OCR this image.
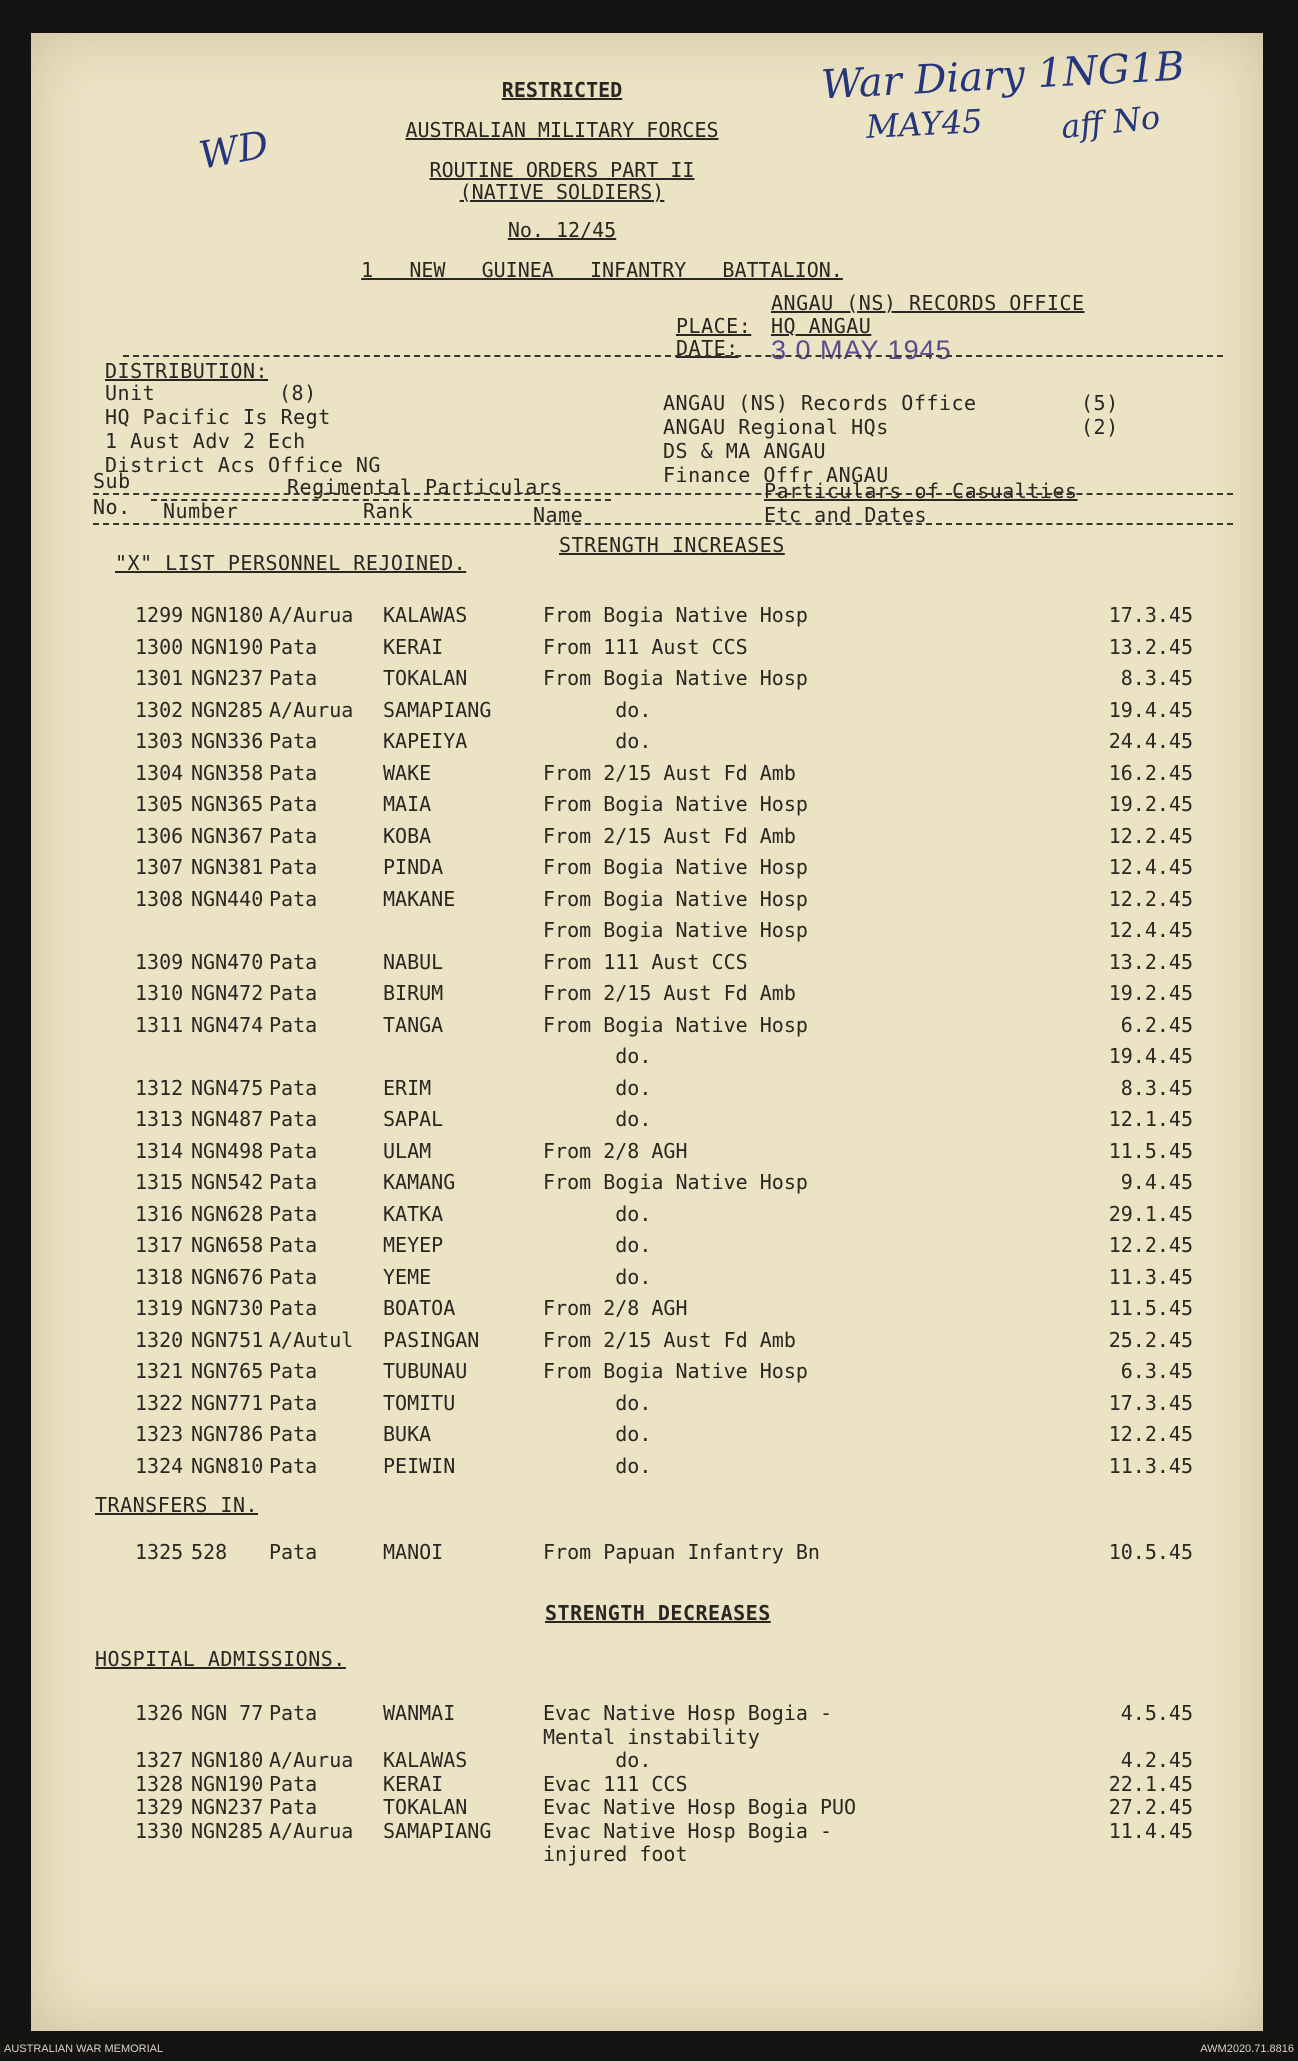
War Diary 1NG1B
MAY45 aff No
WD
RESTRICTED
AUSTRALIAN MILITARY FORCES
ROUTINE ORDERS PART II
(NATIVE SOLDIERS)
No. 12/45
1   NEW   GUINEA   INFANTRY   BATTALION.
ANGAU (NS) RECORDS OFFICE
PLACE: HQ ANGAU
DATE: 3 0 MAY 1945
DISTRIBUTION:
Unit	(8)
HQ Pacific Is Regt
1 Aust Adv 2 Ech
District Acs Office NG
ANGAU (NS) Records Office	(5)
ANGAU Regional HQs	(2)
DS & MA ANGAU
Finance Offr ANGAU
Sub
No.
Regimental Particulars
Number	Rank	Name
Particulars of Casualties
Etc and Dates
STRENGTH INCREASES
"X" LIST PERSONNEL REJOINED.
1299 NGN180 A/Aurua KALAWAS	From Bogia Native Hosp	17.3.45
1300 NGN190 Pata	KERAI	From 111 Aust CCS	13.2.45
1301 NGN237 Pata	TOKALAN	From Bogia Native Hosp	8.3.45
1302 NGN285 A/Aurua SAMAPIANG	do.	19.4.45
1303 NGN336 Pata	KAPEIYA	do.	24.4.45
1304 NGN358 Pata	WAKE	From 2/15 Aust Fd Amb	16.2.45
1305 NGN365 Pata	MAIA	From Bogia Native Hosp	19.2.45
1306 NGN367 Pata	KOBA	From 2/15 Aust Fd Amb	12.2.45
1307 NGN381 Pata	PINDA	From Bogia Native Hosp	12.4.45
1308 NGN440 Pata	MAKANE	From Bogia Native Hosp	12.2.45
From Bogia Native Hosp	12.4.45
1309 NGN470 Pata	NABUL	From 111 Aust CCS	13.2.45
1310 NGN472 Pata	BIRUM	From 2/15 Aust Fd Amb	19.2.45
1311 NGN474 Pata	TANGA	From Bogia Native Hosp	6.2.45
do.	19.4.45
1312 NGN475 Pata	ERIM	do.	8.3.45
1313 NGN487 Pata	SAPAL	do.	12.1.45
1314 NGN498 Pata	ULAM	From 2/8 AGH	11.5.45
1315 NGN542 Pata	KAMANG	From Bogia Native Hosp	9.4.45
1316 NGN628 Pata	KATKA	do.	29.1.45
1317 NGN658 Pata	MEYEP	do.	12.2.45
1318 NGN676 Pata	YEME	do.	11.3.45
1319 NGN730 Pata	BOATOA	From 2/8 AGH	11.5.45
1320 NGN751 A/Autul PASINGAN	From 2/15 Aust Fd Amb	25.2.45
1321 NGN765 Pata	TUBUNAU	From Bogia Native Hosp	6.3.45
1322 NGN771 Pata	TOMITU	do.	17.3.45
1323 NGN786 Pata	BUKA	do.	12.2.45
1324 NGN810 Pata	PEIWIN	do.	11.3.45
TRANSFERS IN.
1325 528 Pata	MANOI	From Papuan Infantry Bn	10.5.45
STRENGTH DECREASES
HOSPITAL ADMISSIONS.
1326 NGN 77 Pata	WANMAI	Evac Native Hosp Bogia -	4.5.45
Mental instability
1327 NGN180 A/Aurua KALAWAS	do.	4.2.45
1328 NGN190 Pata	KERAI	Evac 111 CCS	22.1.45
1329 NGN237 Pata	TOKALAN	Evac Native Hosp Bogia PUO	27.2.45
1330 NGN285 A/Aurua SAMAPIANG	Evac Native Hosp Bogia -	11.4.45
injured foot
AUSTRALIAN WAR MEMORIAL	AWM2020.71.8816
